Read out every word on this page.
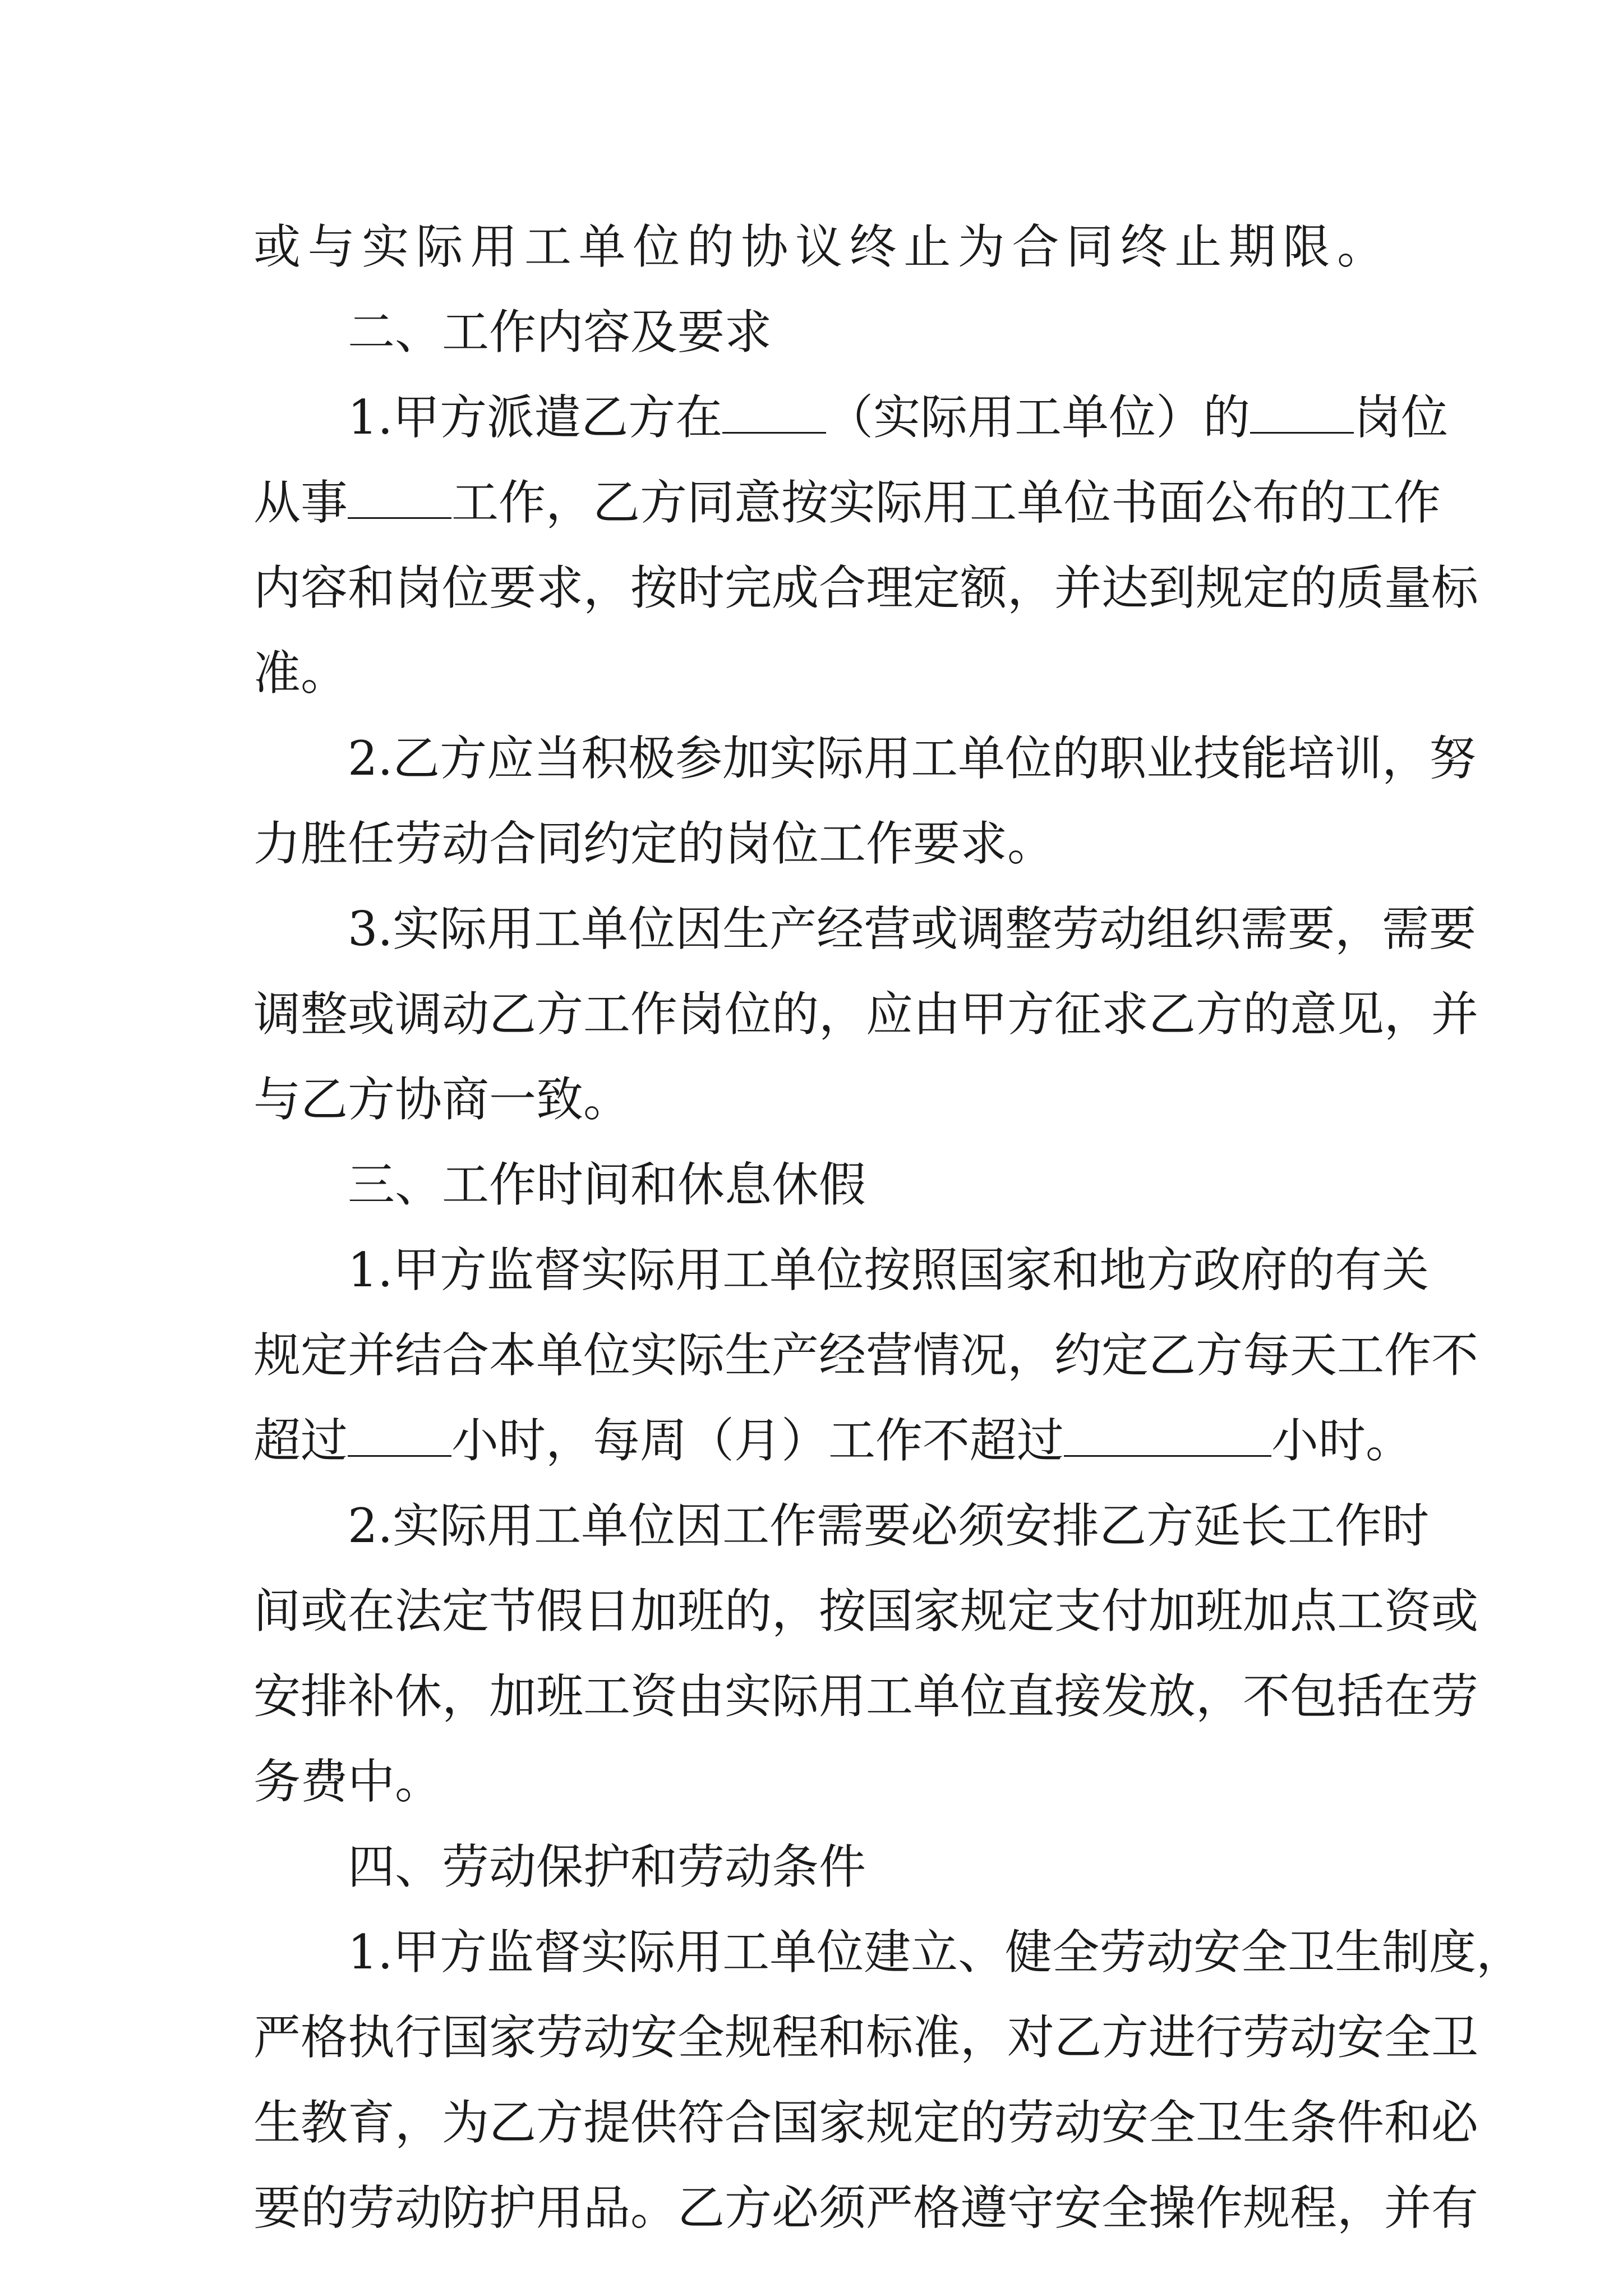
或与实际用工单位的协议终止为合同终止期限。
二、工作内容及要求
1.甲方派遣乙方在 （实际用工单位）的 岗位
从事 工作，乙方同意按实际用工单位书面公布的工作
内容和岗位要求，按时完成合理定额，并达到规定的质量标
准。
2.乙方应当积极参加实际用工单位的职业技能培训，努
力胜任劳动合同约定的岗位工作要求。
3.实际用工单位因生产经营或调整劳动组织需要，需要
调整或调动乙方工作岗位的，应由甲方征求乙方的意见，并
与乙方协商一致。
三、工作时间和休息休假
1.甲方监督实际用工单位按照国家和地方政府的有关
规定并结合本单位实际生产经营情况，约定乙方每天工作不
超过 小时，每周（月）工作不超过	小时。
2.实际用工单位因工作需要必须安排乙方延长工作时
间或在法定节假日加班的，按国家规定支付加班加点工资或
安排补休，加班工资由实际用工单位直接发放，不包括在劳
务费中。
四、劳动保护和劳动条件
1.甲方监督实际用工单位建立、健全劳动安全卫生制度，
严格执行国家劳动安全规程和标准，对乙方进行劳动安全卫
生教育，为乙方提供符合国家规定的劳动安全卫生条件和必
要的劳动防护用品。乙方必须严格遵守安全操作规程，并有
